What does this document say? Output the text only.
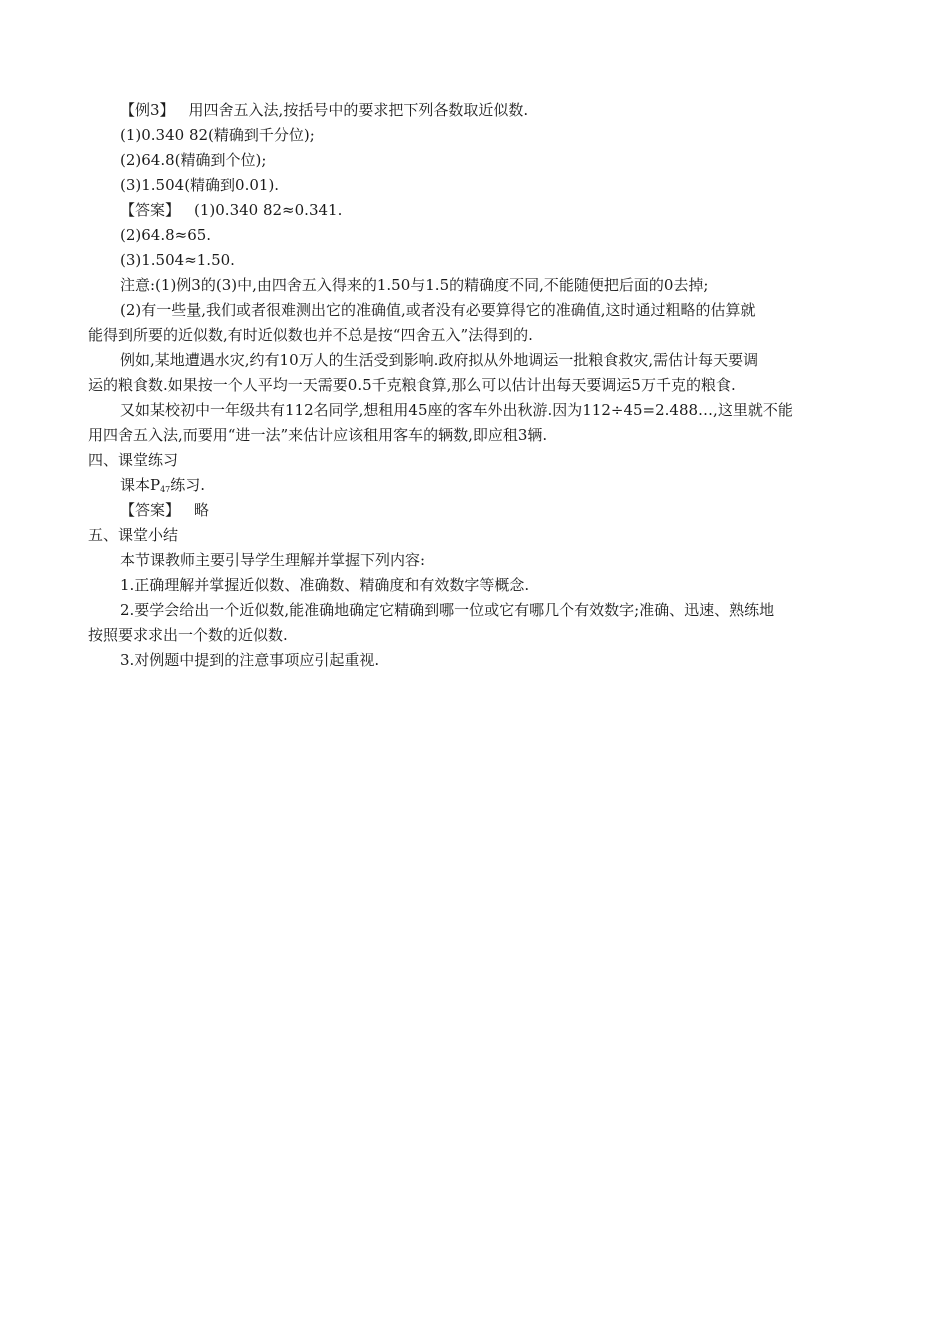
【例3】 用四舍五入法,按括号中的要求把下列各数取近似数.
(1)0.340 82(精确到千分位);
(2)64.8(精确到个位);
(3)1.504(精确到0.01).
【答案】 (1)0.340 82≈0.341.
(2)64.8≈65.
(3)1.504≈1.50.
注意:(1)例3的(3)中,由四舍五入得来的1.50与1.5的精确度不同,不能随便把后面的0去掉;
(2)有一些量,我们或者很难测出它的准确值,或者没有必要算得它的准确值,这时通过粗略的估算就
能得到所要的近似数,有时近似数也并不总是按“四舍五入”法得到的.
例如,某地遭遇水灾,约有10万人的生活受到影响.政府拟从外地调运一批粮食救灾,需估计每天要调
运的粮食数.如果按一个人平均一天需要0.5千克粮食算,那么可以估计出每天要调运5万千克的粮食.
又如某校初中一年级共有112名同学,想租用45座的客车外出秋游.因为112÷45=2.488…,这里就不能
用四舍五入法,而要用“进一法”来估计应该租用客车的辆数,即应租3辆.
四、课堂练习
课本$P_{47}$练习.
【答案】 略
五、课堂小结
本节课教师主要引导学生理解并掌握下列内容:
1.正确理解并掌握近似数、准确数、精确度和有效数字等概念.
2.要学会给出一个近似数,能准确地确定它精确到哪一位或它有哪几个有效数字;准确、迅速、熟练地
按照要求求出一个数的近似数.
3.对例题中提到的注意事项应引起重视.
